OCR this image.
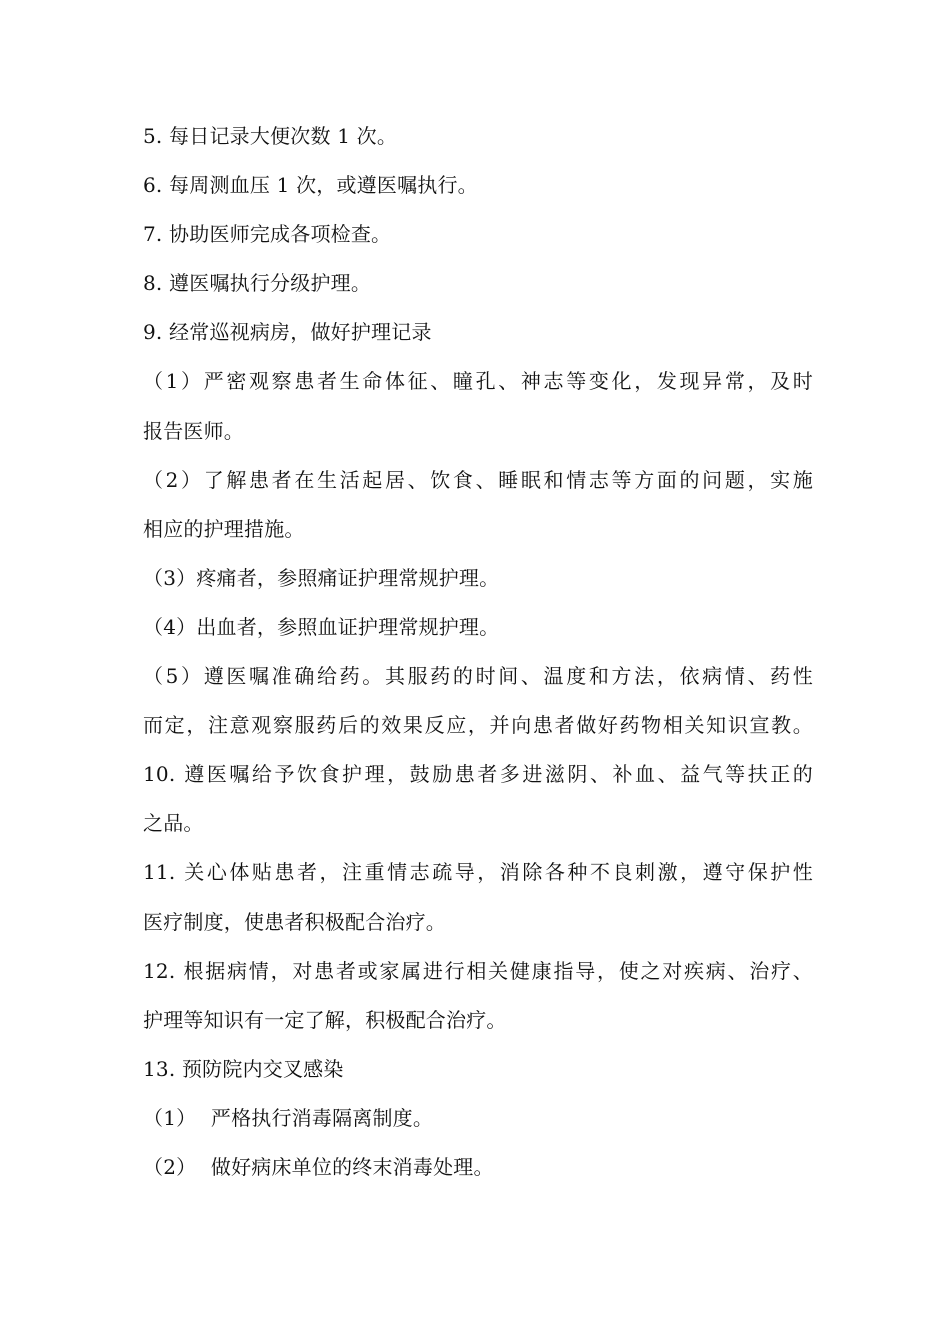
5. 每日记录大便次数 1 次。
6. 每周测血压 1 次，或遵医嘱执行。
7. 协助医师完成各项检查。
8. 遵医嘱执行分级护理。
9. 经常巡视病房，做好护理记录
（1）严密观察患者生命体征、瞳孔、神志等变化，发现异常，及时
报告医师。
（2）了解患者在生活起居、饮食、睡眠和情志等方面的问题，实施
相应的护理措施。
（3）疼痛者，参照痛证护理常规护理。
（4）出血者，参照血证护理常规护理。
（5）遵医嘱准确给药。其服药的时间、温度和方法，依病情、药性
而定，注意观察服药后的效果反应，并向患者做好药物相关知识宣教。
10. 遵医嘱给予饮食护理，鼓励患者多进滋阴、补血、益气等扶正的
之品。
11. 关心体贴患者，注重情志疏导，消除各种不良刺激，遵守保护性
医疗制度，使患者积极配合治疗。
12. 根据病情，对患者或家属进行相关健康指导，使之对疾病、治疗、
护理等知识有一定了解，积极配合治疗。
13. 预防院内交叉感染
（1） 严格执行消毒隔离制度。
（2） 做好病床单位的终末消毒处理。
